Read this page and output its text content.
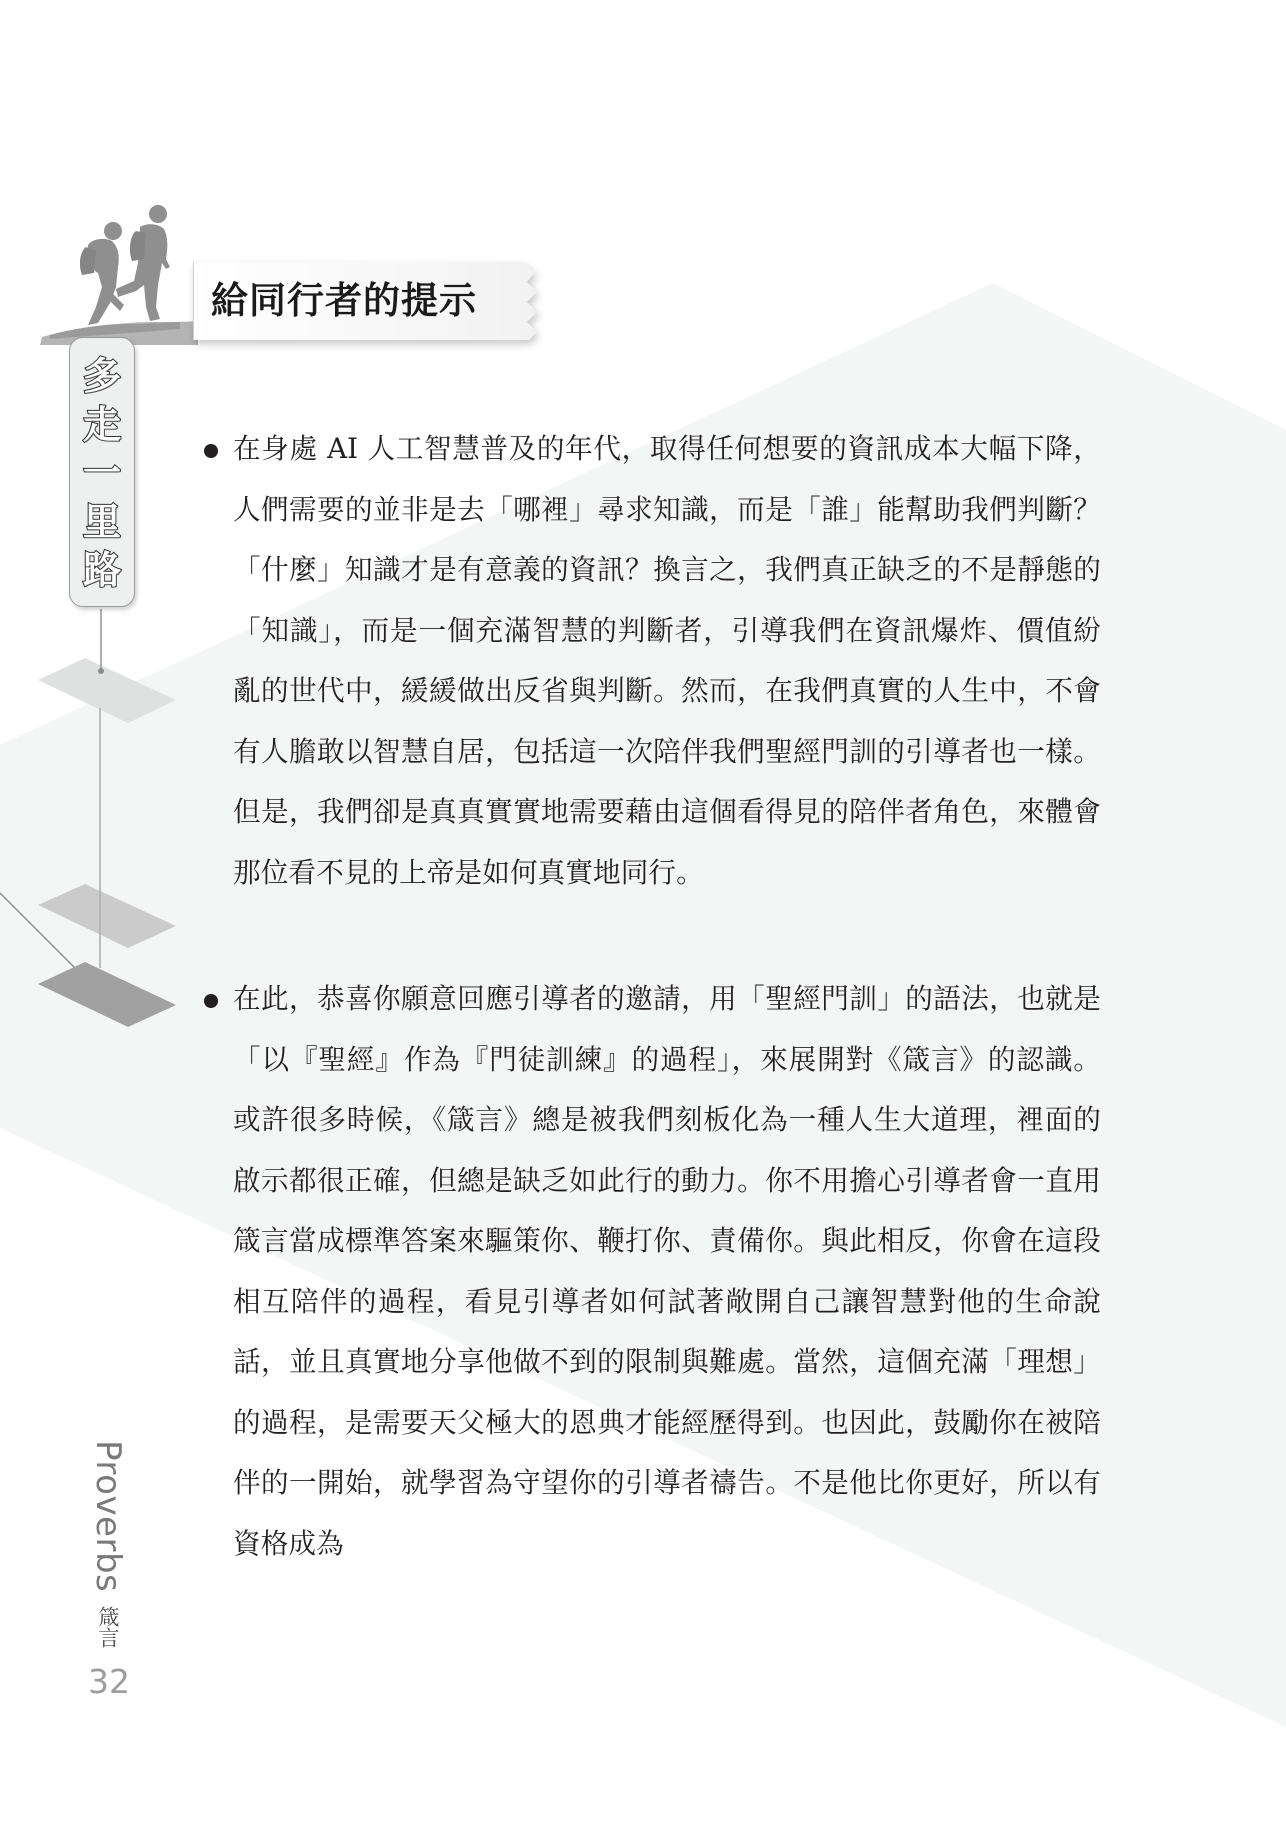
給同行者的提示
多
走
一
里
路
在身處 AI 人工智慧普及的年代，取得任何想要的資訊成本大幅下降，人們需要的並非是去「哪裡」尋求知識，而是「誰」能幫助我們判斷？「什麼」知識才是有意義的資訊？換言之，我們真正缺乏的不是靜態的「知識」，而是一個充滿智慧的判斷者，引導我們在資訊爆炸、價值紛亂的世代中，緩緩做出反省與判斷。然而，在我們真實的人生中，不會有人膽敢以智慧自居，包括這一次陪伴我們聖經門訓的引導者也一樣。但是，我們卻是真真實實地需要藉由這個看得見的陪伴者角色，來體會那位看不見的上帝是如何真實地同行。
在此，恭喜你願意回應引導者的邀請，用「聖經門訓」的語法，也就是「以『聖經』作為『門徒訓練』的過程」，來展開對《箴言》的認識。或許很多時候，《箴言》總是被我們刻板化為一種人生大道理，裡面的啟示都很正確，但總是缺乏如此行的動力。你不用擔心引導者會一直用箴言當成標準答案來驅策你、鞭打你、責備你。與此相反，你會在這段相互陪伴的過程，看見引導者如何試著敞開自己讓智慧對他的生命說話，並且真實地分享他做不到的限制與難處。當然，這個充滿「理想」的過程，是需要天父極大的恩典才能經歷得到。也因此，鼓勵你在被陪伴的一開始，就學習為守望你的引導者禱告。不是他比你更好，所以有資格成為
Proverbs
箴言
32
